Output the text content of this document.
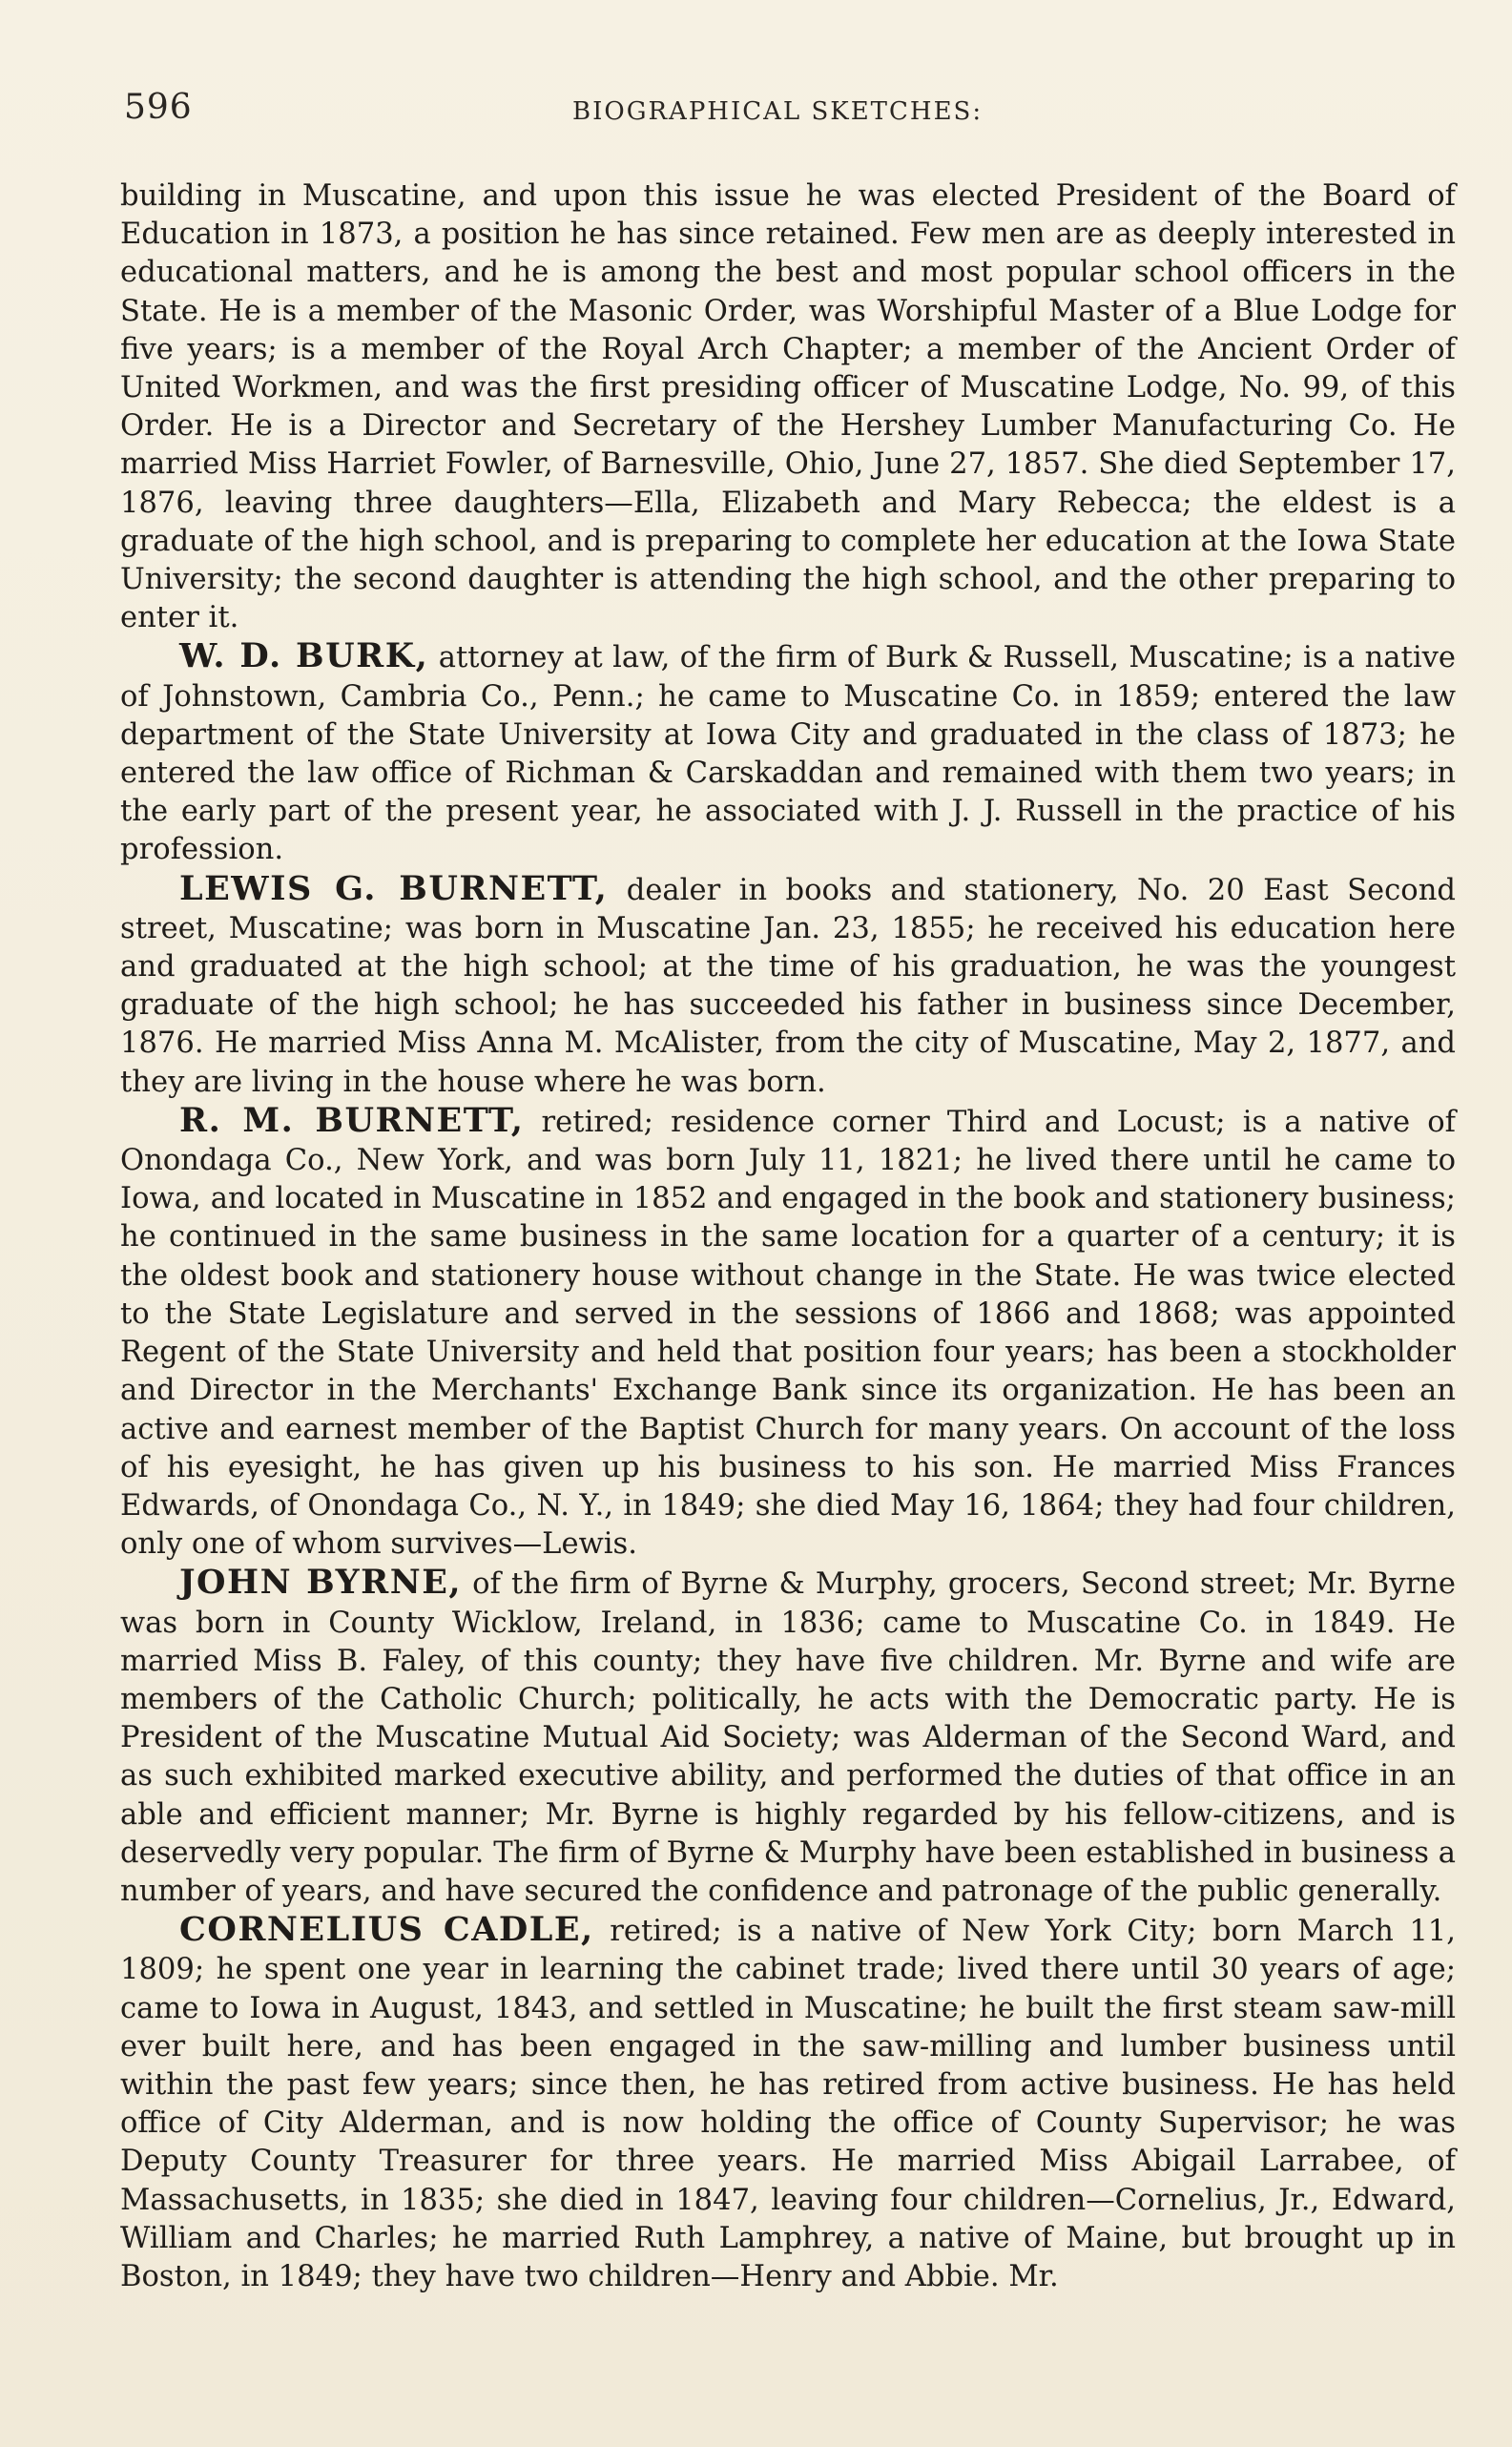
596	BIOGRAPHICAL SKETCHES:

building in Muscatine, and upon this issue he was elected President of the Board of Education in 1873, a position he has since retained. Few men are as deeply interested in educational matters, and he is among the best and most popular school officers in the State. He is a member of the Masonic Order, was Worshipful Master of a Blue Lodge for five years; is a member of the Royal Arch Chapter; a member of the Ancient Order of United Workmen, and was the first presiding officer of Muscatine Lodge, No. 99, of this Order. He is a Director and Secretary of the Hershey Lumber Manufacturing Co. He married Miss Harriet Fowler, of Barnesville, Ohio, June 27, 1857. She died September 17, 1876, leaving three daughters—Ella, Elizabeth and Mary Rebecca; the eldest is a graduate of the high school, and is preparing to complete her education at the Iowa State University; the second daughter is attending the high school, and the other preparing to enter it.

W. D. BURK, attorney at law, of the firm of Burk & Russell, Muscatine; is a native of Johnstown, Cambria Co., Penn.; he came to Muscatine Co. in 1859; entered the law department of the State University at Iowa City and graduated in the class of 1873; he entered the law office of Richman & Carskaddan and remained with them two years; in the early part of the present year, he associated with J. J. Russell in the practice of his profession.

LEWIS G. BURNETT, dealer in books and stationery, No. 20 East Second street, Muscatine; was born in Muscatine Jan. 23, 1855; he received his education here and graduated at the high school; at the time of his graduation, he was the youngest graduate of the high school; he has succeeded his father in business since December, 1876. He married Miss Anna M. McAlister, from the city of Muscatine, May 2, 1877, and they are living in the house where he was born.

R. M. BURNETT, retired; residence corner Third and Locust; is a native of Onondaga Co., New York, and was born July 11, 1821; he lived there until he came to Iowa, and located in Muscatine in 1852 and engaged in the book and stationery business; he continued in the same business in the same location for a quarter of a century; it is the oldest book and stationery house without change in the State. He was twice elected to the State Legislature and served in the sessions of 1866 and 1868; was appointed Regent of the State University and held that position four years; has been a stockholder and Director in the Merchants' Exchange Bank since its organization. He has been an active and earnest member of the Baptist Church for many years. On account of the loss of his eyesight, he has given up his business to his son. He married Miss Frances Edwards, of Onondaga Co., N. Y., in 1849; she died May 16, 1864; they had four children, only one of whom survives—Lewis.

JOHN BYRNE, of the firm of Byrne & Murphy, grocers, Second street; Mr. Byrne was born in County Wicklow, Ireland, in 1836; came to Muscatine Co. in 1849. He married Miss B. Faley, of this county; they have five children. Mr. Byrne and wife are members of the Catholic Church; politically, he acts with the Democratic party. He is President of the Muscatine Mutual Aid Society; was Alderman of the Second Ward, and as such exhibited marked executive ability, and performed the duties of that office in an able and efficient manner; Mr. Byrne is highly regarded by his fellow-citizens, and is deservedly very popular. The firm of Byrne & Murphy have been established in business a number of years, and have secured the confidence and patronage of the public generally.

CORNELIUS CADLE, retired; is a native of New York City; born March 11, 1809; he spent one year in learning the cabinet trade; lived there until 30 years of age; came to Iowa in August, 1843, and settled in Muscatine; he built the first steam saw-mill ever built here, and has been engaged in the saw-milling and lumber business until within the past few years; since then, he has retired from active business. He has held office of City Alderman, and is now holding the office of County Supervisor; he was Deputy County Treasurer for three years. He married Miss Abigail Larrabee, of Massachusetts, in 1835; she died in 1847, leaving four children—Cornelius, Jr., Edward, William and Charles; he married Ruth Lamphrey, a native of Maine, but brought up in Boston, in 1849; they have two children—Henry and Abbie. Mr.
